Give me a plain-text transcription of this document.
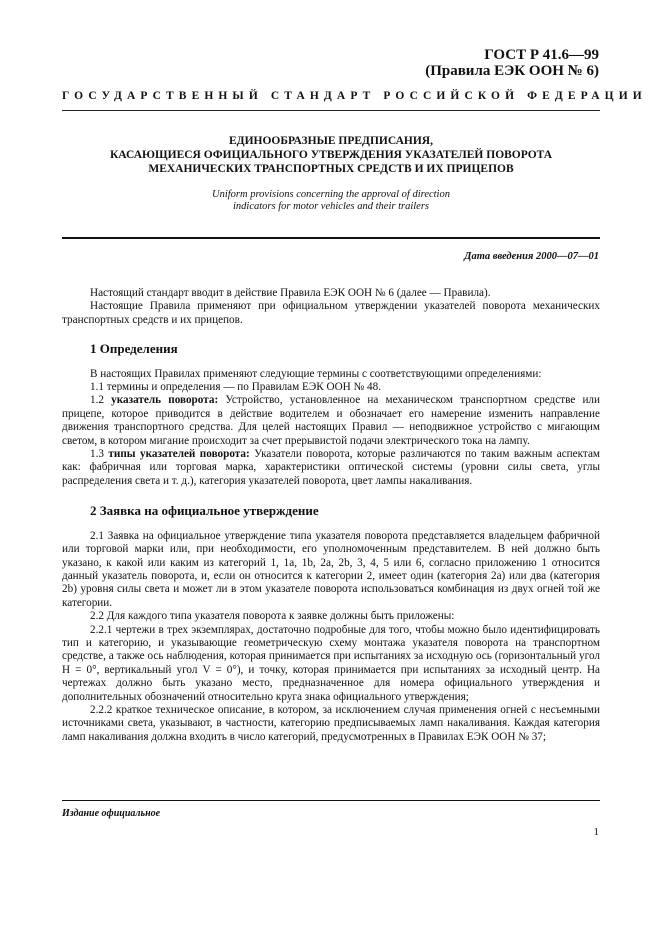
ГОСТ Р 41.6—99
(Правила ЕЭК ООН № 6)
ГОСУДАРСТВЕННЫЙ СТАНДАРТ РОССИЙСКОЙ ФЕДЕРАЦИИ
ЕДИНООБРАЗНЫЕ ПРЕДПИСАНИЯ,
КАСАЮЩИЕСЯ ОФИЦИАЛЬНОГО УТВЕРЖДЕНИЯ УКАЗАТЕЛЕЙ ПОВОРОТА
МЕХАНИЧЕСКИХ ТРАНСПОРТНЫХ СРЕДСТВ И ИХ ПРИЦЕПОВ
Uniform provisions concerning the approval of direction
indicators for motor vehicles and their trailers
Дата введения 2000—07—01

Настоящий стандарт вводит в действие Правила ЕЭК ООН № 6 (далее — Правила).

Настоящие Правила применяют при официальном утверждении указателей поворота механических транспортных средств и их прицепов.

1 Определения

В настоящих Правилах применяют следующие термины с соответствующими определениями:

1.1 термины и определения — по Правилам ЕЭК ООН № 48.

1.2 указатель поворота: Устройство, установленное на механическом транспортном средстве или прицепе, которое приводится в действие водителем и обозначает его намерение изменить направление движения транспортного средства. Для целей настоящих Правил — неподвижное устройство с мигающим светом, в котором мигание происходит за счет прерывистой подачи электрического тока на лампу.

1.3 типы указателей поворота: Указатели поворота, которые различаются по таким важным аспектам как: фабричная или торговая марка, характеристики оптической системы (уровни силы света, углы распределения света и т. д.), категория указателей поворота, цвет лампы накаливания.

2 Заявка на официальное утверждение

2.1 Заявка на официальное утверждение типа указателя поворота представляется владельцем фабричной или торговой марки или, при необходимости, его уполномоченным представителем. В ней должно быть указано, к какой или каким из категорий 1, 1а, 1b, 2а, 2b, 3, 4, 5 или 6, согласно приложению 1 относится данный указатель поворота, и, если он относится к категории 2, имеет один (категория 2а) или два (категория 2b) уровня силы света и может ли в этом указателе поворота использоваться комбинация из двух огней той же категории.

2.2 Для каждого типа указателя поворота к заявке должны быть приложены:

2.2.1 чертежи в трех экземплярах, достаточно подробные для того, чтобы можно было идентифицировать тип и категорию, и указывающие геометрическую схему монтажа указателя поворота на транспортном средстве, а также ось наблюдения, которая принимается при испытаниях за исходную ось (горизонтальный угол H = 0°, вертикальный угол V = 0°), и точку, которая принимается при испытаниях за исходный центр. На чертежах должно быть указано место, предназначенное для номера официального утверждения и дополнительных обозначений относительно круга знака официального утверждения;

2.2.2 краткое техническое описание, в котором, за исключением случая применения огней с несъемными источниками света, указывают, в частности, категорию предписываемых ламп накаливания. Каждая категория ламп накаливания должна входить в число категорий, предусмотренных в Правилах ЕЭК ООН № 37;

Издание официальное
1
